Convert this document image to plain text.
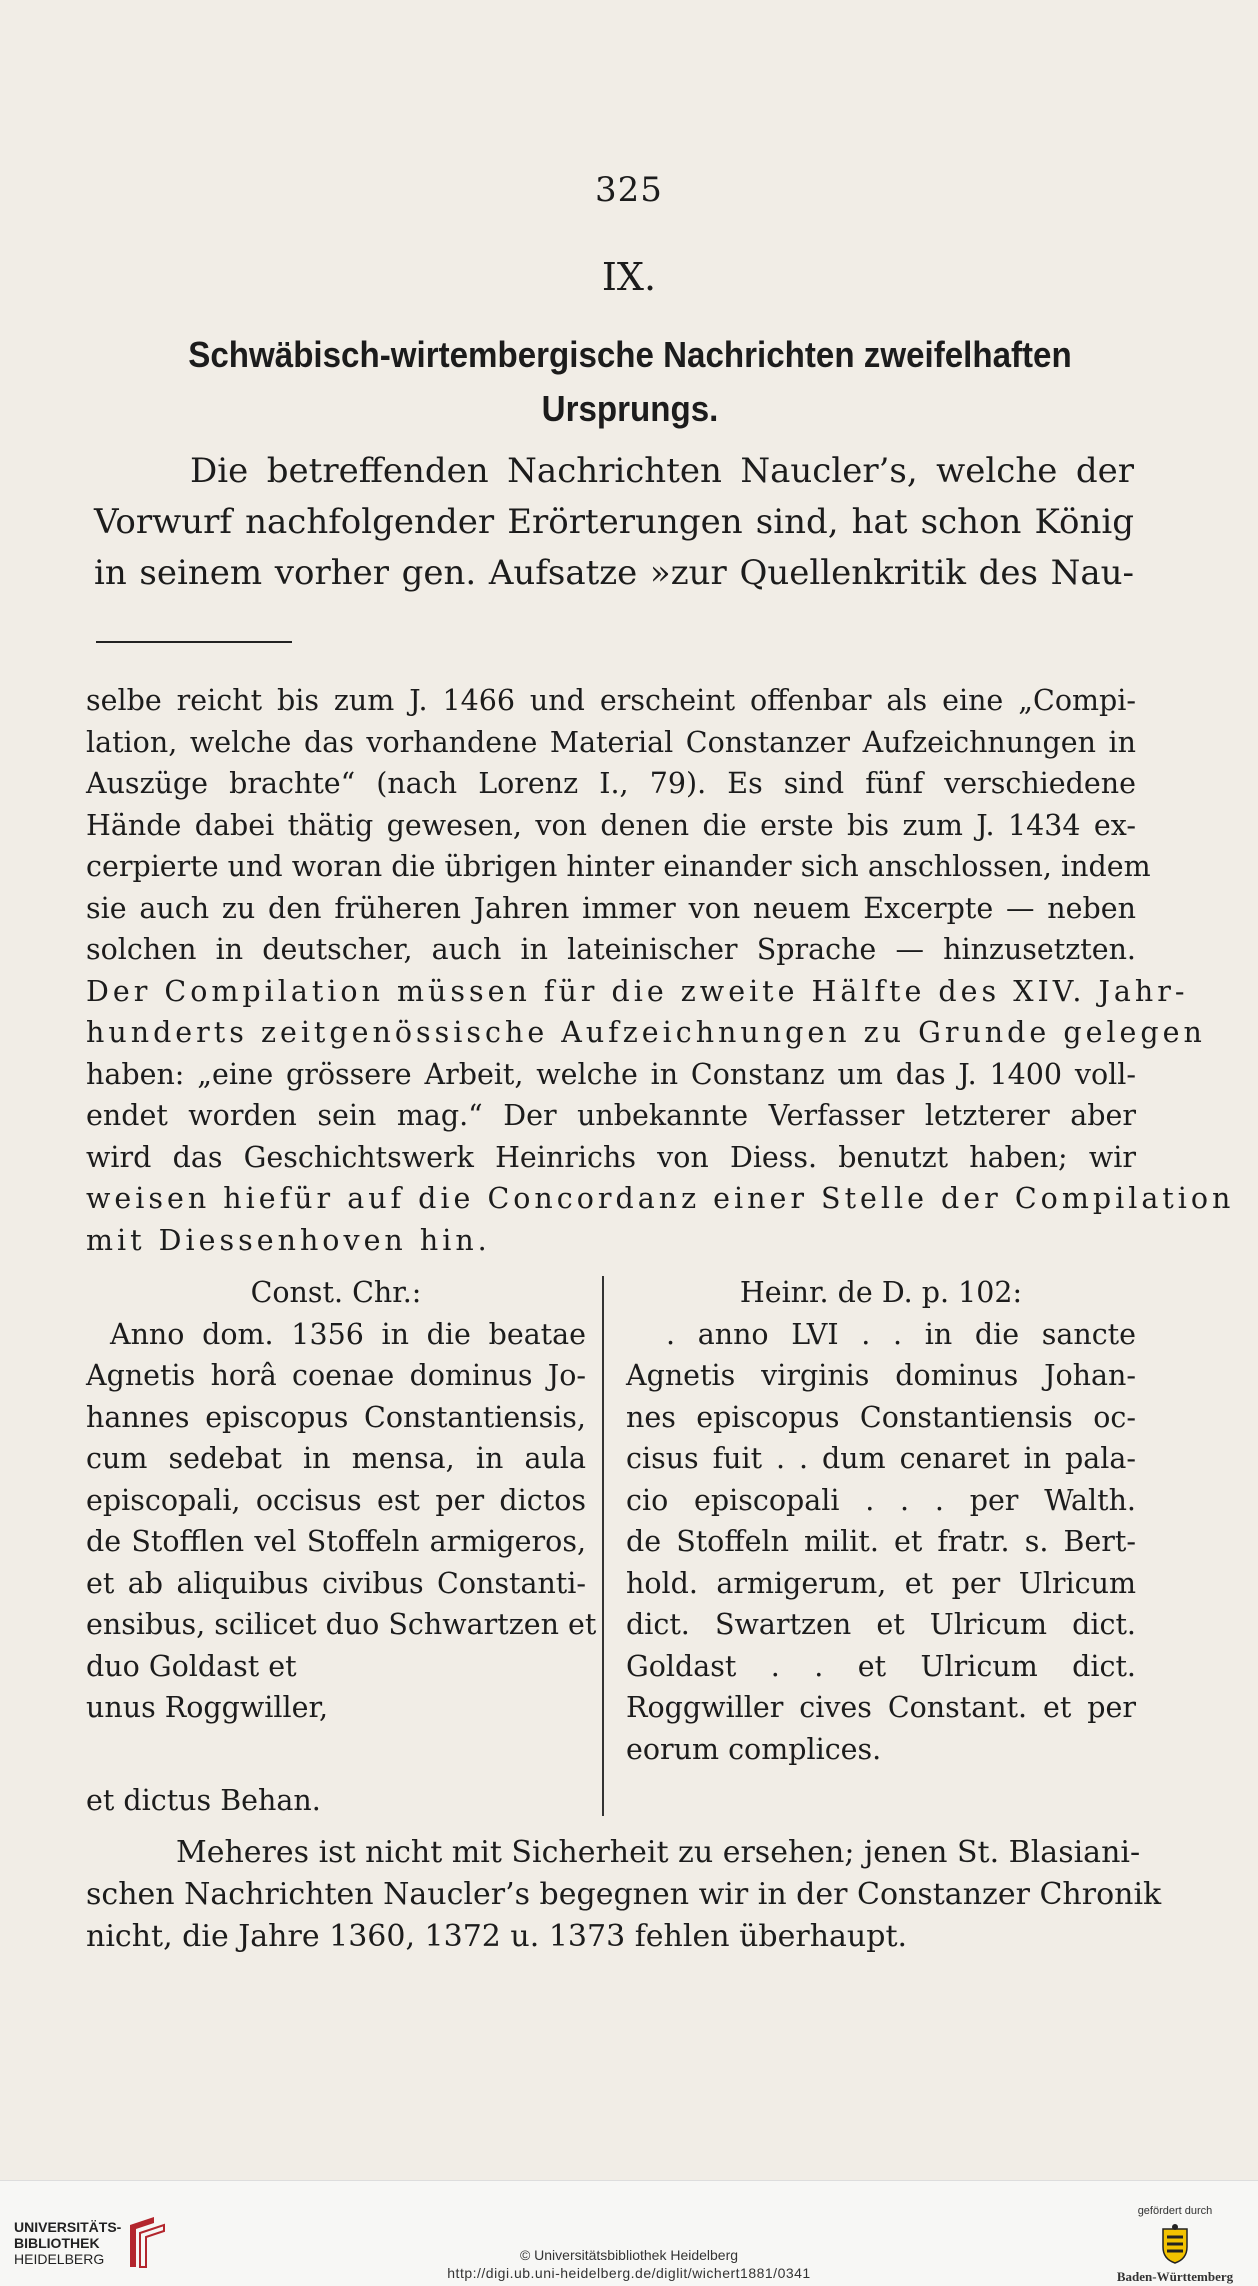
325
IX.
Schwäbisch-wirtembergische Nachrichten zweifelhaften
Ursprungs.
Die betreffenden Nachrichten Naucler’s, welche der
Vorwurf nachfolgender Erörterungen sind, hat schon König
in seinem vorher gen. Aufsatze »zur Quellenkritik des Nau-
selbe reicht bis zum J. 1466 und erscheint offenbar als eine „Compi-
lation, welche das vorhandene Material Constanzer Aufzeichnungen in
Auszüge brachte“ (nach Lorenz I., 79). Es sind fünf verschiedene
Hände dabei thätig gewesen, von denen die erste bis zum J. 1434 ex-
cerpierte und woran die übrigen hinter einander sich anschlossen, indem
sie auch zu den früheren Jahren immer von neuem Excerpte — neben
solchen in deutscher, auch in lateinischer Sprache — hinzusetzten.
Der Compilation müssen für die zweite Hälfte des XIV. Jahr-
hunderts zeitgenössische Aufzeichnungen zu Grunde gelegen
haben: „eine grössere Arbeit, welche in Constanz um das J. 1400 voll-
endet worden sein mag.“ Der unbekannte Verfasser letzterer aber
wird das Geschichtswerk Heinrichs von Diess. benutzt haben; wir
weisen hiefür auf die Concordanz einer Stelle der Compilation
mit Diessenhoven hin.
Const. Chr.:
Anno dom. 1356 in die beatae
Agnetis horâ coenae dominus Jo-
hannes episcopus Constantiensis,
cum sedebat in mensa, in aula
episcopali, occisus est per dictos
de Stofflen vel Stoffeln armigeros,
et ab aliquibus civibus Constanti-
ensibus, scilicet duo Schwartzen et
duo Goldast et
unus Roggwiller,
Heinr. de D. p. 102:
. anno LVI . . in die sancte
Agnetis virginis dominus Johan-
nes episcopus Constantiensis oc-
cisus fuit . . dum cenaret in pala-
cio episcopali . . . per Walth.
de Stoffeln milit. et fratr. s. Bert-
hold. armigerum, et per Ulricum
dict. Swartzen et Ulricum dict.
Goldast . . et Ulricum dict.
Roggwiller cives Constant. et per
eorum complices.
et dictus Behan.
Meheres ist nicht mit Sicherheit zu ersehen; jenen St. Blasiani-
schen Nachrichten Naucler’s begegnen wir in der Constanzer Chronik
nicht, die Jahre 1360, 1372 u. 1373 fehlen überhaupt.
UNIVERSITÄTS-
BIBLIOTHEK
HEIDELBERG	© Universitätsbibliothek Heidelberg
http://digi.ub.uni-heidelberg.de/diglit/wichert1881/0341
gefördert durch
Baden-Württemberg
